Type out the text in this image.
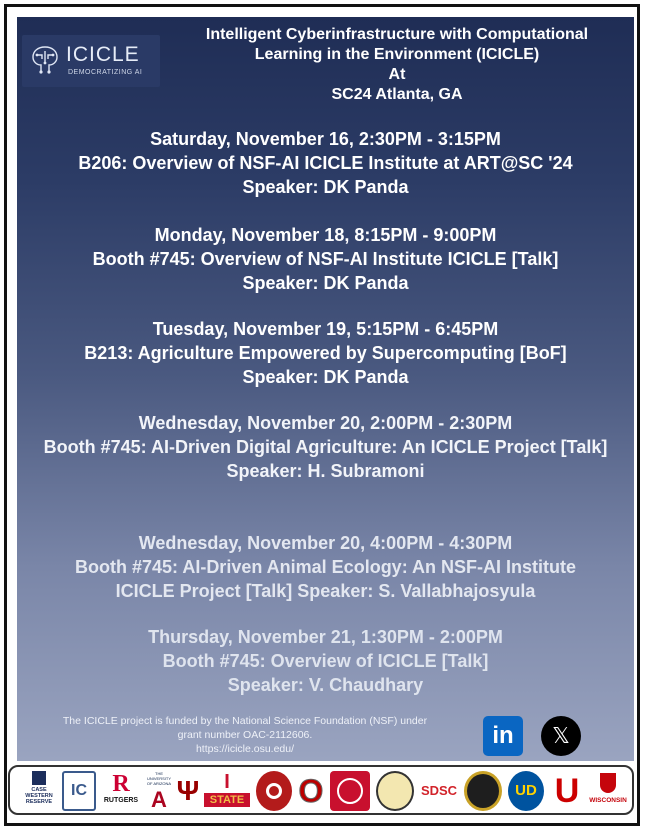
ICICLE
DEMOCRATIZING AI
Intelligent Cyberinfrastructure with Computational
Learning in the Environment (ICICLE)
At
SC24 Atlanta, GA
Saturday, November 16, 2:30PM - 3:15PM
B206: Overview of NSF-AI ICICLE Institute at ART@SC '24
Speaker: DK Panda
Monday, November 18, 8:15PM - 9:00PM
Booth #745: Overview of NSF-AI Institute ICICLE [Talk]
Speaker: DK Panda
Tuesday, November 19, 5:15PM - 6:45PM
B213: Agriculture Empowered by Supercomputing [BoF]
Speaker: DK Panda
Wednesday, November 20, 2:00PM - 2:30PM
Booth #745: AI-Driven Digital Agriculture: An ICICLE Project [Talk]
Speaker: H. Subramoni
Wednesday, November 20, 4:00PM - 4:30PM
Booth #745: AI-Driven Animal Ecology: An NSF-AI Institute
ICICLE Project [Talk] Speaker: S. Vallabhajosyula
Thursday, November 21, 1:30PM - 2:00PM
Booth #745: Overview of ICICLE [Talk]
Speaker: V. Chaudhary
The ICICLE project is funded by the National Science Foundation (NSF) under
grant number OAC-2112606.
https://icicle.osu.edu/	in	𝕏
CASE WESTERN RESERVE
IC	R
RUTGERS
THE UNIVERSITY OF ARIZONA
A Ψ	I
STATE O	SDSC	UD U	WISCONSIN
